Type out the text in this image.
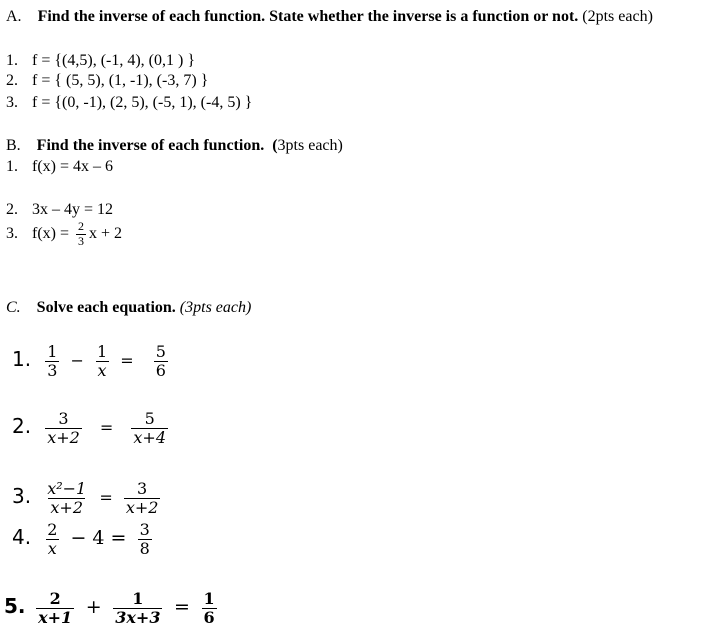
A. Find the inverse of each function. State whether the inverse is a function or not. (2pts each)
1. f = {(4,5), (-1, 4), (0,1 ) }
2. f = { (5, 5), (1, -1), (-3, 7) }
3. f = {(0, -1), (2, 5), (-5, 1), (-4, 5) }
B. Find the inverse of each function. (3pts each)
1. f(x) = 4x – 6
2. 3x – 4y = 12
3. $f(x) = \frac{2}{3}$ x + 2
C. Solve each equation. (3pts each)
1. $\frac{1}{3} - \frac{1}{x} = \frac{5}{6}$
2. $\frac{3}{x+2} = \frac{5}{x+4}$
3. $\frac{\text{x²−1}}{x+2} = \frac{3}{x+2}$
4. $\frac{2}{x} - 4 = \frac{3}{8}$
5. $\frac{2}{x+1} + \frac{1}{3x+3} = \frac{1}{6}$
